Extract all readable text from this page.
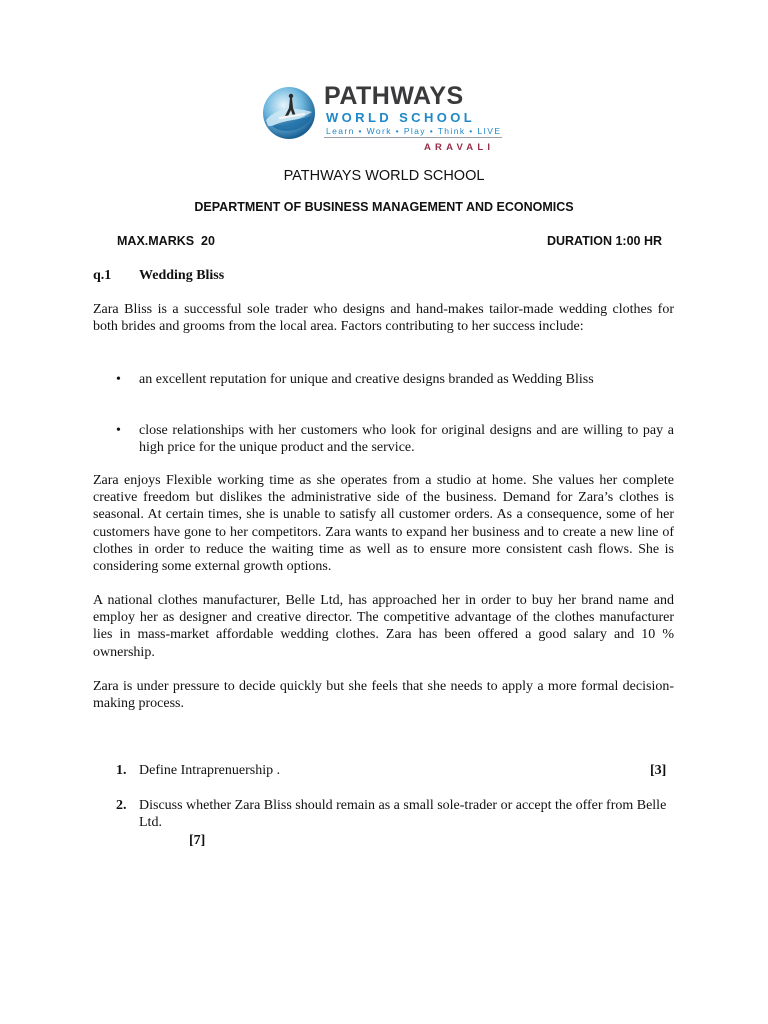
PATHWAYS
WORLD SCHOOL
Learn • Work • Play • Think • LIVE
ARAVALI
PATHWAYS WORLD SCHOOL
DEPARTMENT OF BUSINESS MANAGEMENT AND ECONOMICS
MAX.MARKS  20	DURATION 1:00 HR
q.1 Wedding Bliss
Zara Bliss is a successful sole trader who designs and hand-makes tailor-made wedding clothes for both brides and grooms from the local area. Factors contributing to her success include:
• an excellent reputation for unique and creative designs branded as Wedding Bliss
• close relationships with her customers who look for original designs and are willing to pay a high price for the unique product and the service.
Zara enjoys Flexible working time as she operates from a studio at home. She values her complete creative freedom but dislikes the administrative side of the business. Demand for Zara’s clothes is seasonal. At certain times, she is unable to satisfy all customer orders. As a consequence, some of her customers have gone to her competitors. Zara wants to expand her business and to create a new line of clothes in order to reduce the waiting time as well as to ensure more consistent cash flows. She is considering some external growth options.
A national clothes manufacturer, Belle Ltd, has approached her in order to buy her brand name and employ her as designer and creative director. The competitive advantage of the clothes manufacturer lies in mass-market affordable wedding clothes. Zara has been offered a good salary and 10 % ownership.
Zara is under pressure to decide quickly but she feels that she needs to apply a more formal decision-making process.
1. Define Intraprenuership .	[3]
2. Discuss whether Zara Bliss should remain as a small sole-trader or accept the offer from Belle Ltd.
[7]
